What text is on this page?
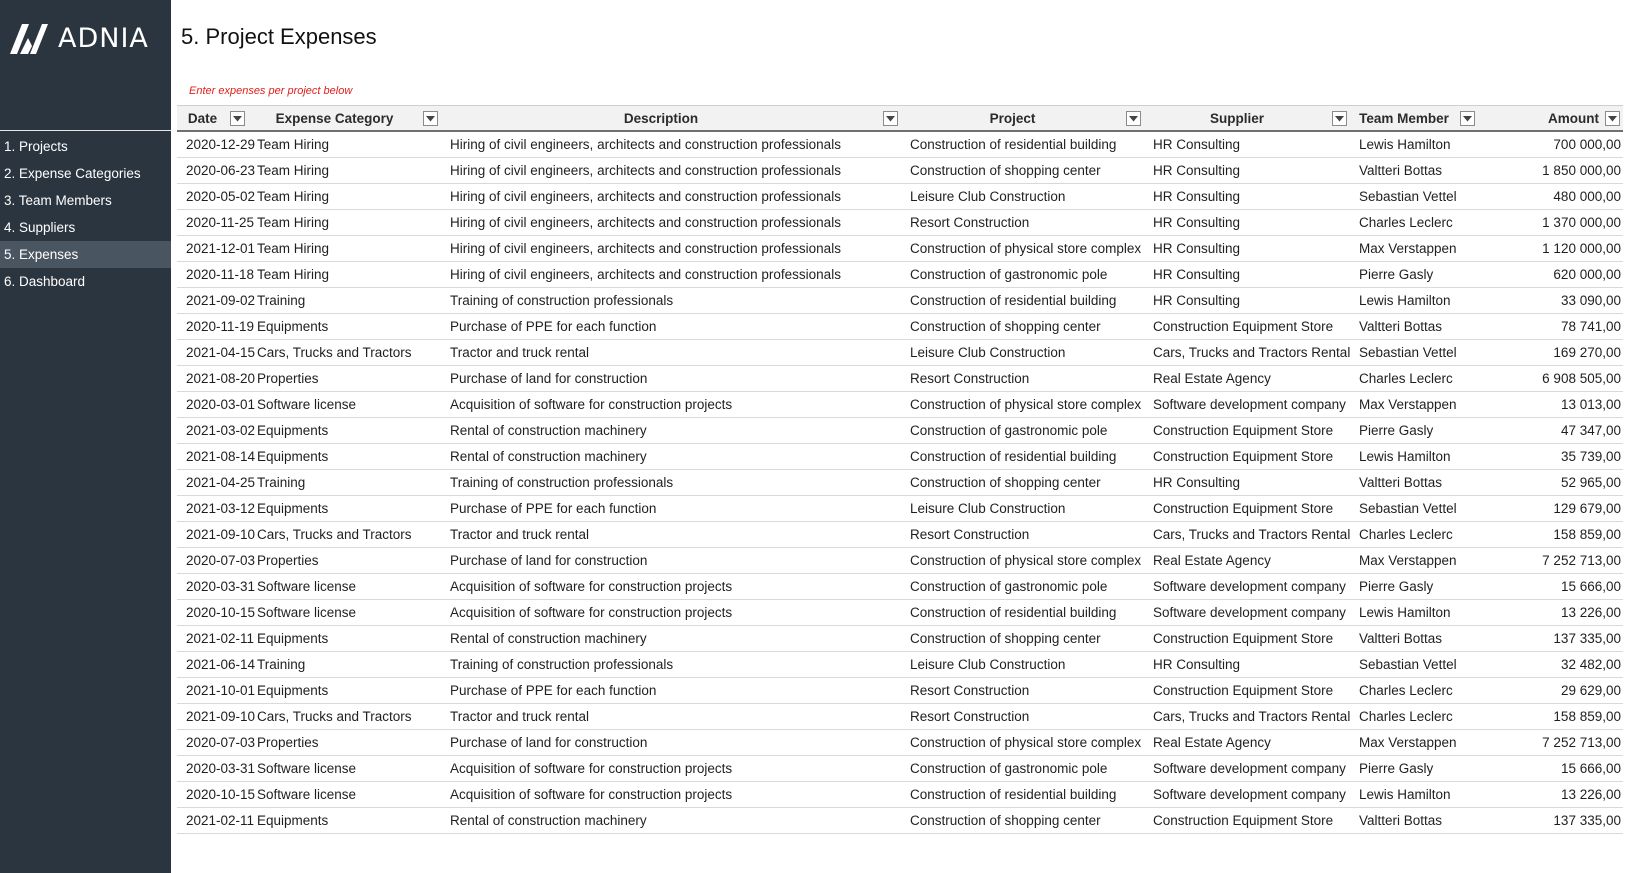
ADNIA
1. Projects
2. Expense Categories
3. Team Members
4. Suppliers
5. Expenses
6. Dashboard
5. Project Expenses
Enter expenses per project below
Date	Expense Category	Description	Project	Supplier	Team Member	Amount

2020-12-29	Team Hiring	Hiring of civil engineers, architects and construction professionals	Construction of residential building	HR Consulting	Lewis Hamilton	700 000,00
2020-06-23	Team Hiring	Hiring of civil engineers, architects and construction professionals	Construction of shopping center	HR Consulting	Valtteri Bottas	1 850 000,00
2020-05-02	Team Hiring	Hiring of civil engineers, architects and construction professionals	Leisure Club Construction	HR Consulting	Sebastian Vettel	480 000,00
2020-11-25	Team Hiring	Hiring of civil engineers, architects and construction professionals	Resort Construction	HR Consulting	Charles Leclerc	1 370 000,00
2021-12-01	Team Hiring	Hiring of civil engineers, architects and construction professionals	Construction of physical store complex	HR Consulting	Max Verstappen	1 120 000,00
2020-11-18	Team Hiring	Hiring of civil engineers, architects and construction professionals	Construction of gastronomic pole	HR Consulting	Pierre Gasly	620 000,00
2021-09-02	Training	Training of construction professionals	Construction of residential building	HR Consulting	Lewis Hamilton	33 090,00
2020-11-19	Equipments	Purchase of PPE for each function	Construction of shopping center	Construction Equipment Store	Valtteri Bottas	78 741,00
2021-04-15	Cars, Trucks and Tractors	Tractor and truck rental	Leisure Club Construction	Cars, Trucks and Tractors Rental	Sebastian Vettel	169 270,00
2021-08-20	Properties	Purchase of land for construction	Resort Construction	Real Estate Agency	Charles Leclerc	6 908 505,00
2020-03-01	Software license	Acquisition of software for construction projects	Construction of physical store complex	Software development company	Max Verstappen	13 013,00
2021-03-02	Equipments	Rental of construction machinery	Construction of gastronomic pole	Construction Equipment Store	Pierre Gasly	47 347,00
2021-08-14	Equipments	Rental of construction machinery	Construction of residential building	Construction Equipment Store	Lewis Hamilton	35 739,00
2021-04-25	Training	Training of construction professionals	Construction of shopping center	HR Consulting	Valtteri Bottas	52 965,00
2021-03-12	Equipments	Purchase of PPE for each function	Leisure Club Construction	Construction Equipment Store	Sebastian Vettel	129 679,00
2021-09-10	Cars, Trucks and Tractors	Tractor and truck rental	Resort Construction	Cars, Trucks and Tractors Rental	Charles Leclerc	158 859,00
2020-07-03	Properties	Purchase of land for construction	Construction of physical store complex	Real Estate Agency	Max Verstappen	7 252 713,00
2020-03-31	Software license	Acquisition of software for construction projects	Construction of gastronomic pole	Software development company	Pierre Gasly	15 666,00
2020-10-15	Software license	Acquisition of software for construction projects	Construction of residential building	Software development company	Lewis Hamilton	13 226,00
2021-02-11	Equipments	Rental of construction machinery	Construction of shopping center	Construction Equipment Store	Valtteri Bottas	137 335,00
2021-06-14	Training	Training of construction professionals	Leisure Club Construction	HR Consulting	Sebastian Vettel	32 482,00
2021-10-01	Equipments	Purchase of PPE for each function	Resort Construction	Construction Equipment Store	Charles Leclerc	29 629,00
2021-09-10	Cars, Trucks and Tractors	Tractor and truck rental	Resort Construction	Cars, Trucks and Tractors Rental	Charles Leclerc	158 859,00
2020-07-03	Properties	Purchase of land for construction	Construction of physical store complex	Real Estate Agency	Max Verstappen	7 252 713,00
2020-03-31	Software license	Acquisition of software for construction projects	Construction of gastronomic pole	Software development company	Pierre Gasly	15 666,00
2020-10-15	Software license	Acquisition of software for construction projects	Construction of residential building	Software development company	Lewis Hamilton	13 226,00
2021-02-11	Equipments	Rental of construction machinery	Construction of shopping center	Construction Equipment Store	Valtteri Bottas	137 335,00
